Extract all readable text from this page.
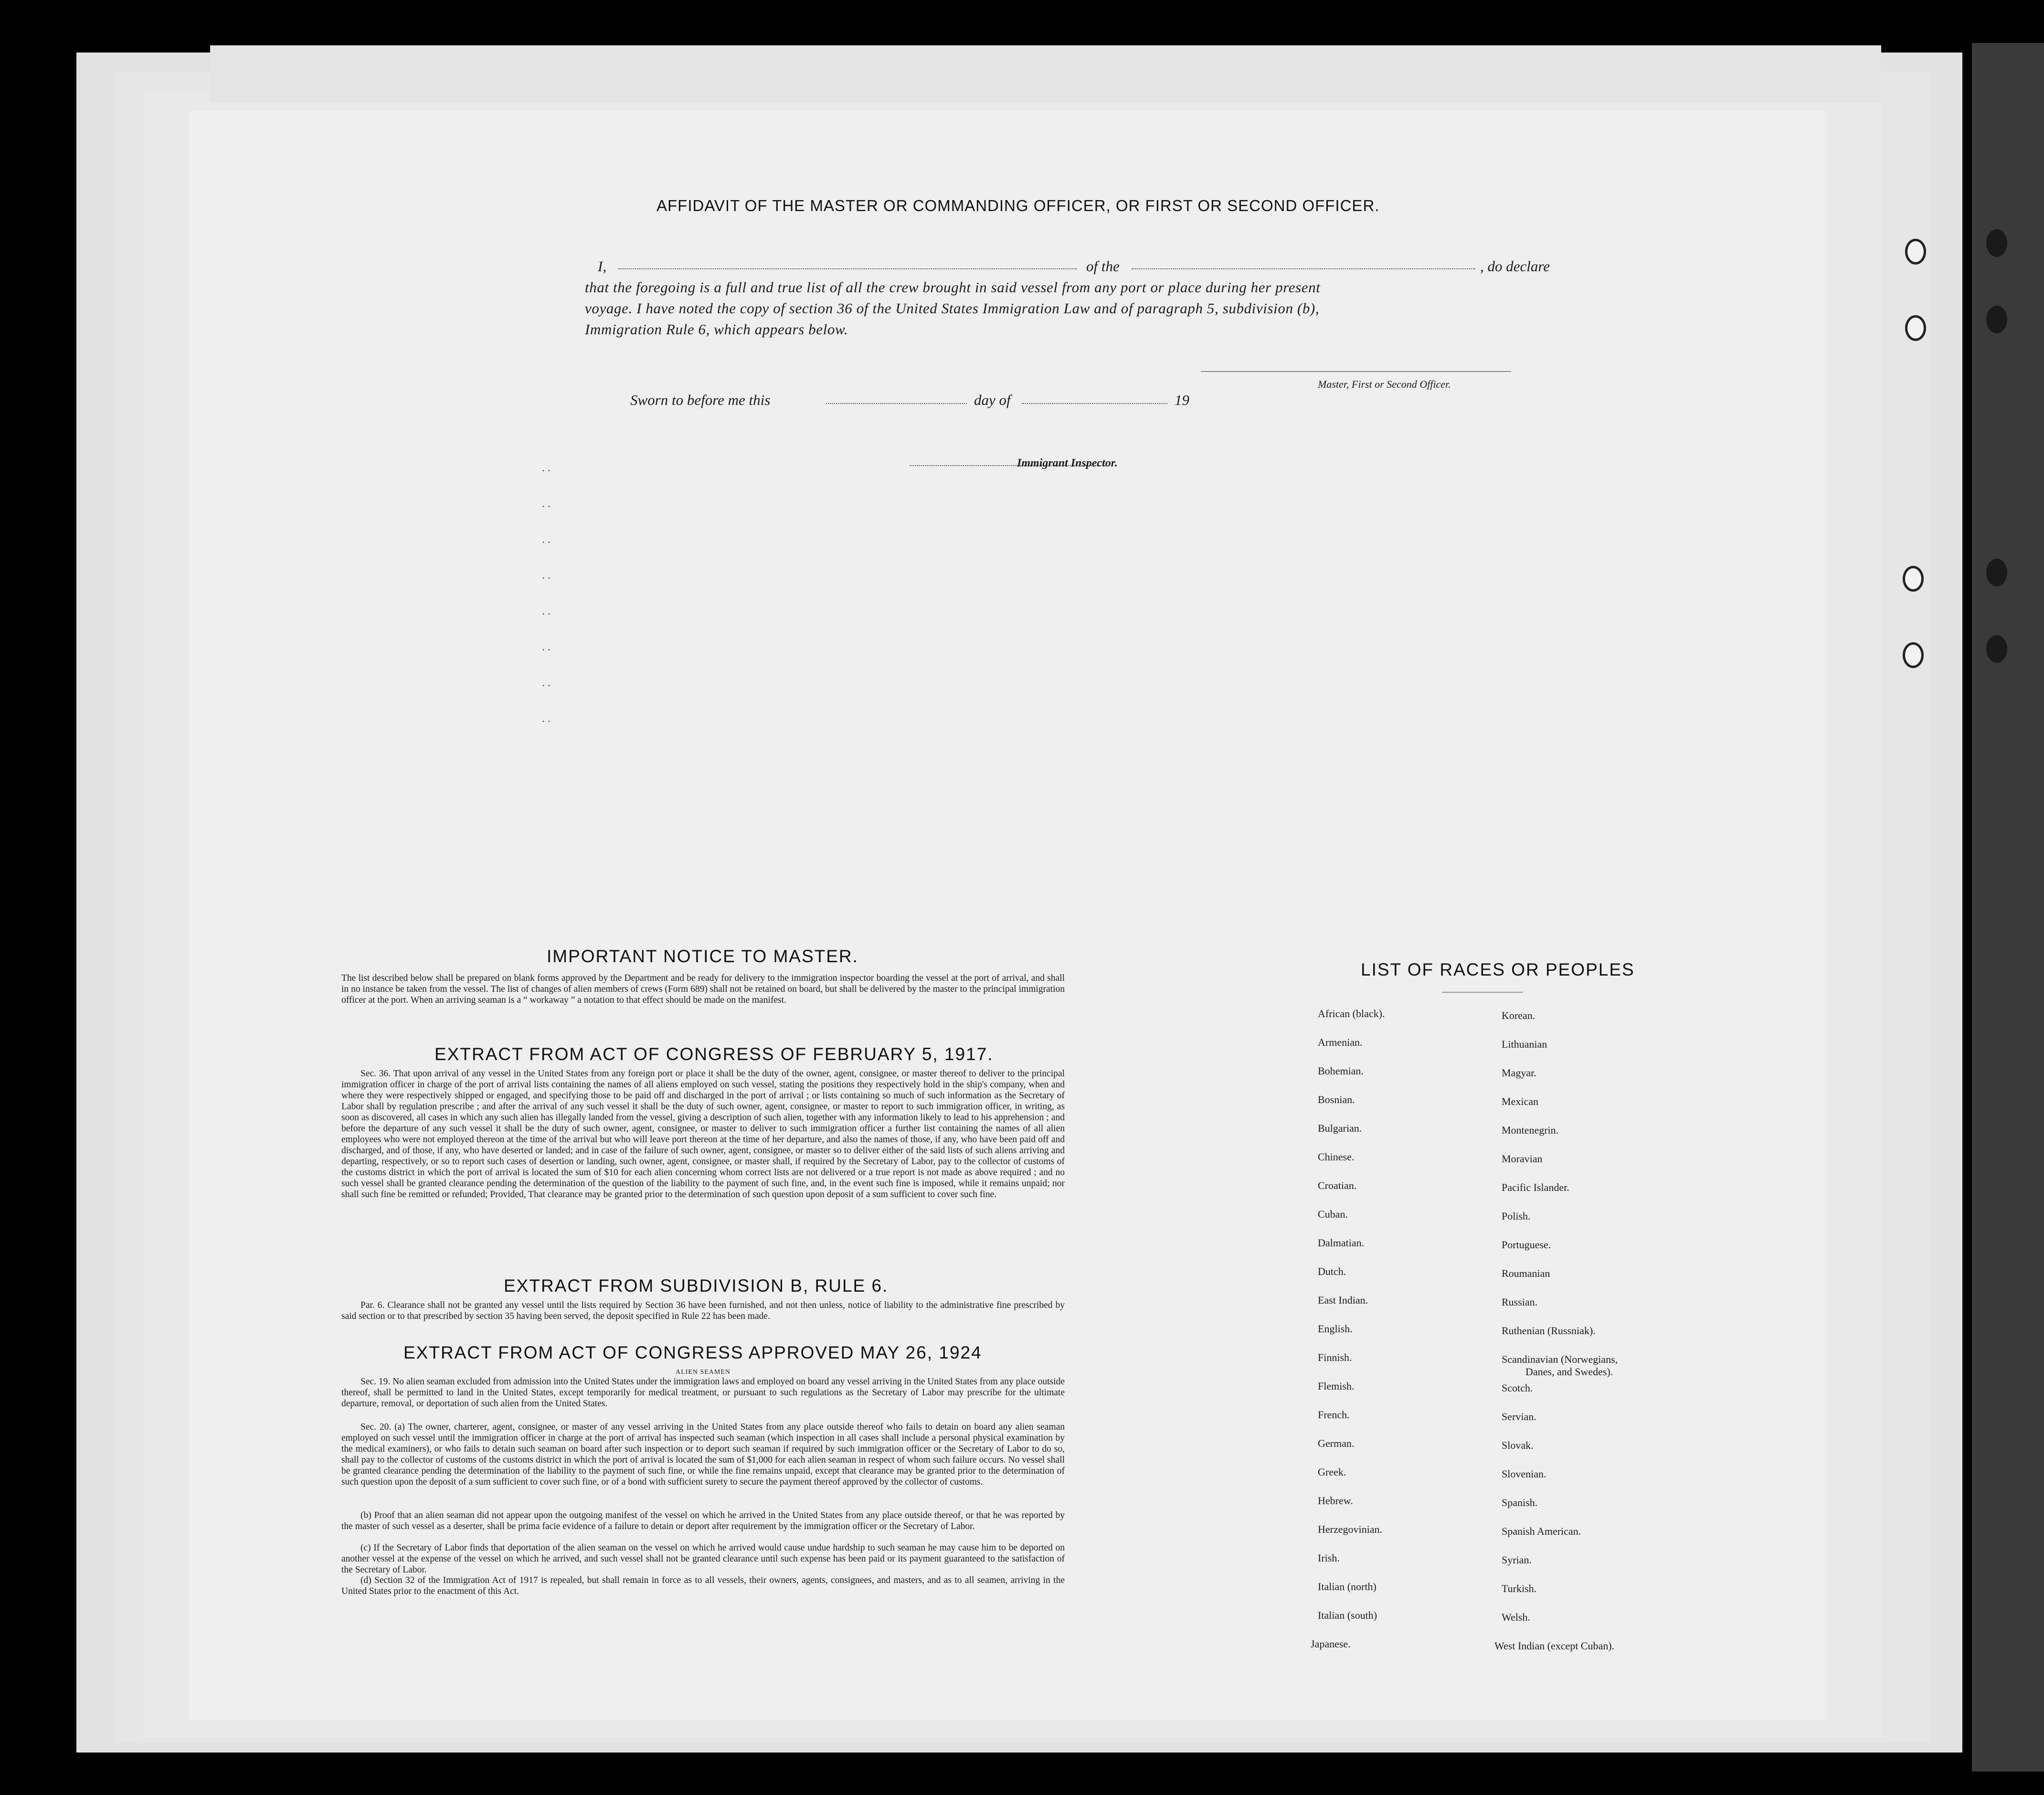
AFFIDAVIT OF THE MASTER OR COMMANDING OFFICER, OR FIRST OR SECOND OFFICER.
I,	of the	, do declare
that the foregoing is a full and true list of all the crew brought in said vessel from any port or place during her present
voyage. I have noted the copy of section 36 of the United States Immigration Law and of paragraph 5, subdivision (b),
Immigration Rule 6, which appears below.
Master, First or Second Officer.
Sworn to before me this	day of	19
Immigrant Inspector.
. .
. .
. .
. .
. .
. .
. .
. .
IMPORTANT NOTICE TO MASTER.
The list described below shall be prepared on blank forms approved by the Department and be ready for delivery to the immigration inspector boarding the vessel at the port of arrival, and shall in no instance be taken from the vessel. The list of changes of alien members of crews (Form 689) shall not be retained on board, but shall be delivered by the master to the principal immigration officer at the port. When an arriving seaman is a “ workaway ” a notation to that effect should be made on the manifest.
EXTRACT FROM ACT OF CONGRESS OF FEBRUARY 5, 1917.
Sec. 36. That upon arrival of any vessel in the United States from any foreign port or place it shall be the duty of the owner, agent, consignee, or master thereof to deliver to the principal immigration officer in charge of the port of arrival lists containing the names of all aliens employed on such vessel, stating the positions they respectively hold in the ship's company, when and where they were respectively shipped or engaged, and specifying those to be paid off and discharged in the port of arrival ; or lists containing so much of such information as the Secretary of Labor shall by regulation prescribe ; and after the arrival of any such vessel it shall be the duty of such owner, agent, consignee, or master to report to such immigration officer, in writing, as soon as discovered, all cases in which any such alien has illegally landed from the vessel, giving a description of such alien, together with any information likely to lead to his apprehension ; and before the departure of any such vessel it shall be the duty of such owner, agent, consignee, or master to deliver to such immigration officer a further list containing the names of all alien employees who were not employed thereon at the time of the arrival but who will leave port thereon at the time of her departure, and also the names of those, if any, who have been paid off and discharged, and of those, if any, who have deserted or landed; and in case of the failure of such owner, agent, consignee, or master so to deliver either of the said lists of such aliens arriving and departing, respectively, or so to report such cases of desertion or landing, such owner, agent, consignee, or master shall, if required by the Secretary of Labor, pay to the collector of customs of the customs district in which the port of arrival is located the sum of $10 for each alien concerning whom correct lists are not delivered or a true report is not made as above required ; and no such vessel shall be granted clearance pending the determination of the question of the liability to the payment of such fine, and, in the event such fine is imposed, while it remains unpaid; nor shall such fine be remitted or refunded; Provided, That clearance may be granted prior to the determination of such question upon deposit of a sum sufficient to cover such fine.
EXTRACT FROM SUBDIVISION B, RULE 6.
Par. 6. Clearance shall not be granted any vessel until the lists required by Section 36 have been furnished, and not then unless, notice of liability to the administrative fine prescribed by said section or to that prescribed by section 35 having been served, the deposit specified in Rule 22 has been made.
EXTRACT FROM ACT OF CONGRESS APPROVED MAY 26, 1924
ALIEN SEAMEN
Sec. 19. No alien seaman excluded from admission into the United States under the immigration laws and employed on board any vessel arriving in the United States from any place outside thereof, shall be permitted to land in the United States, except temporarily for medical treatment, or pursuant to such regulations as the Secretary of Labor may prescribe for the ultimate departure, removal, or deportation of such alien from the United States.
Sec. 20. (a) The owner, charterer, agent, consignee, or master of any vessel arriving in the United States from any place outside thereof who fails to detain on board any alien seaman employed on such vessel until the immigration officer in charge at the port of arrival has inspected such seaman (which inspection in all cases shall include a personal physical examination by the medical examiners), or who fails to detain such seaman on board after such inspection or to deport such seaman if required by such immigration officer or the Secretary of Labor to do so, shall pay to the collector of customs of the customs district in which the port of arrival is located the sum of $1,000 for each alien seaman in respect of whom such failure occurs. No vessel shall be granted clearance pending the determination of the liability to the payment of such fine, or while the fine remains unpaid, except that clearance may be granted prior to the determination of such question upon the deposit of a sum sufficient to cover such fine, or of a bond with sufficient surety to secure the payment thereof approved by the collector of customs.
(b) Proof that an alien seaman did not appear upon the outgoing manifest of the vessel on which he arrived in the United States from any place outside thereof, or that he was reported by the master of such vessel as a deserter, shall be prima facie evidence of a failure to detain or deport after requirement by the immigration officer or the Secretary of Labor.
(c) If the Secretary of Labor finds that deportation of the alien seaman on the vessel on which he arrived would cause undue hardship to such seaman he may cause him to be deported on another vessel at the expense of the vessel on which he arrived, and such vessel shall not be granted clearance until such expense has been paid or its payment guaranteed to the satisfaction of the Secretary of Labor.
(d) Section 32 of the Immigration Act of 1917 is repealed, but shall remain in force as to all vessels, their owners, agents, consignees, and masters, and as to all seamen, arriving in the United States prior to the enactment of this Act.
LIST OF RACES OR PEOPLES
African (black).
Armenian.
Bohemian.
Bosnian.
Bulgarian.
Chinese.
Croatian.
Cuban.
Dalmatian.
Dutch.
East Indian.
English.
Finnish.
Flemish.
French.
German.
Greek.
Hebrew.
Herzegovinian.
Irish.
Italian (north)
Italian (south)
Japanese.
Korean.
Lithuanian
Magyar.
Mexican
Montenegrin.
Moravian
Pacific Islander.
Polish.
Portuguese.
Roumanian
Russian.
Ruthenian (Russniak).
Scandinavian (Norwegians,
Danes, and Swedes).
Scotch.
Servian.
Slovak.
Slovenian.
Spanish.
Spanish American.
Syrian.
Turkish.
Welsh.
West Indian (except Cuban).
